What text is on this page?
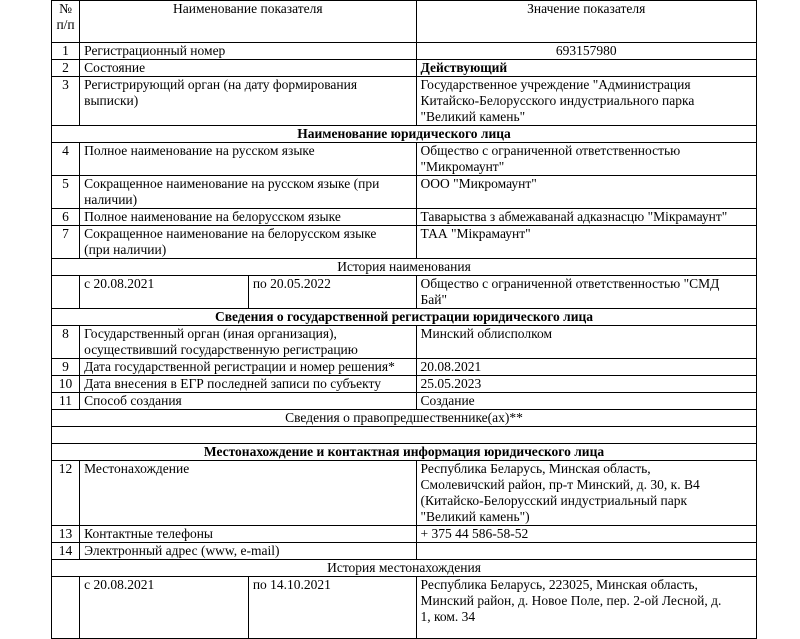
№
п/п	Наименование показателя		Значение показателя
1	Регистрационный номер		693157980
2	Состояние		Действующий
3	Регистрирующий орган (на дату формирования
выписки)		Государственное учреждение "Администрация
Китайско-Белорусского индустриального парка
"Великий камень"
Наименование юридического лица			
4	Полное наименование на русском языке		Общество с ограниченной ответственностью
"Микромаунт"
5	Сокращенное наименование на русском языке (при
наличии)		ООО "Микромаунт"
6	Полное наименование на белорусском языке		Таварыства з абмежаванай адказнасцю "Мікрамаунт"
7	Сокращенное наименование на белорусском языке
(при наличии)		ТАА "Мікрамаунт"
История наименования			
	с 20.08.2021	по 20.05.2022	Общество с ограниченной ответственностью "СМД
Бай"
Сведения о государственной регистрации юридического лица			
8	Государственный орган (иная организация),
осуществивший государственную регистрацию		Минский облисполком
9	Дата государственной регистрации и номер решения*		20.08.2021
10	Дата внесения в ЕГР последней записи по субъекту		25.05.2023
11	Способ создания		Создание
Сведения о правопредшественнике(ах)**			

Местонахождение и контактная информация юридического лица			
12	Местонахождение		Республика Беларусь, Минская область,
Смолевичский район, пр-т Минский, д. 30, к. В4
(Китайско-Белорусский индустриальный парк
"Великий камень")
13	Контактные телефоны		+ 375 44 586-58-52
14	Электронный адрес (www, e-mail)		
История местонахождения			
	с 20.08.2021	по 14.10.2021	Республика Беларусь, 223025, Минская область,
Минский район, д. Новое Поле, пер. 2-ой Лесной, д.
1, ком. 34
